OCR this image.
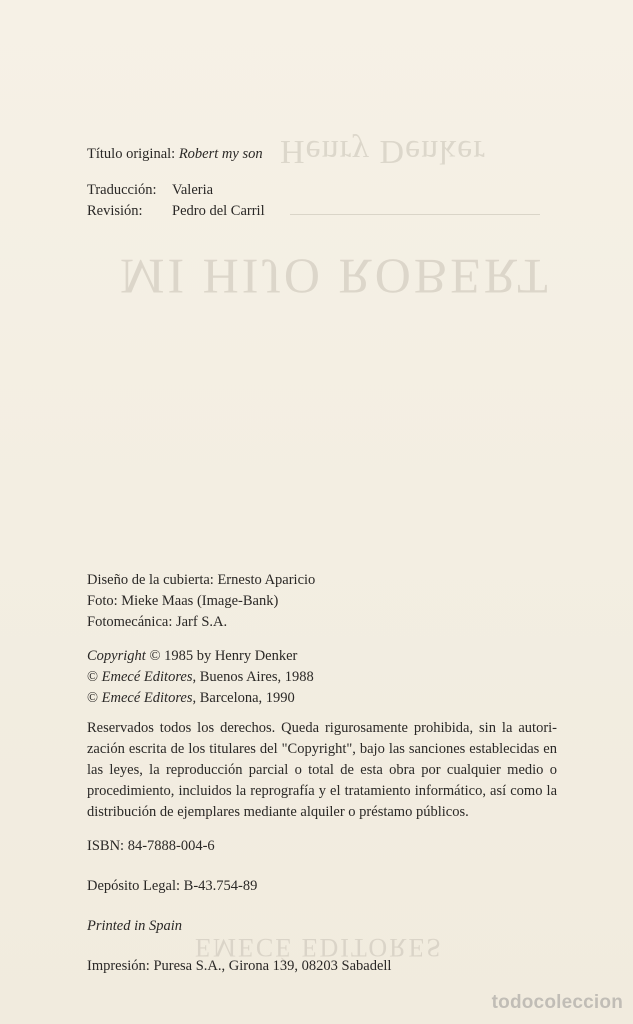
Henry Denker
MI HIJO ROBERT
EMECÉ EDITORES
Título original: Robert my son
Traducción: Valeria
Revisión: Pedro del Carril
Diseño de la cubierta: Ernesto Aparicio
Foto: Mieke Maas (Image-Bank)
Fotomecánica: Jarf S.A.
Copyright © 1985 by Henry Denker
© Emecé Editores, Buenos Aires, 1988
© Emecé Editores, Barcelona, 1990
Reservados todos los derechos. Queda rigurosamente prohibida, sin la autori-
zación escrita de los titulares del "Copyright", bajo las sanciones establecidas en
las leyes, la reproducción parcial o total de esta obra por cualquier medio o
procedimiento, incluidos la reprografía y el tratamiento informático, así como la
distribución de ejemplares mediante alquiler o préstamo públicos.
ISBN: 84-7888-004-6
Depósito Legal: B-43.754-89
Printed in Spain
Impresión: Puresa S.A., Girona 139, 08203 Sabadell
todocoleccion
